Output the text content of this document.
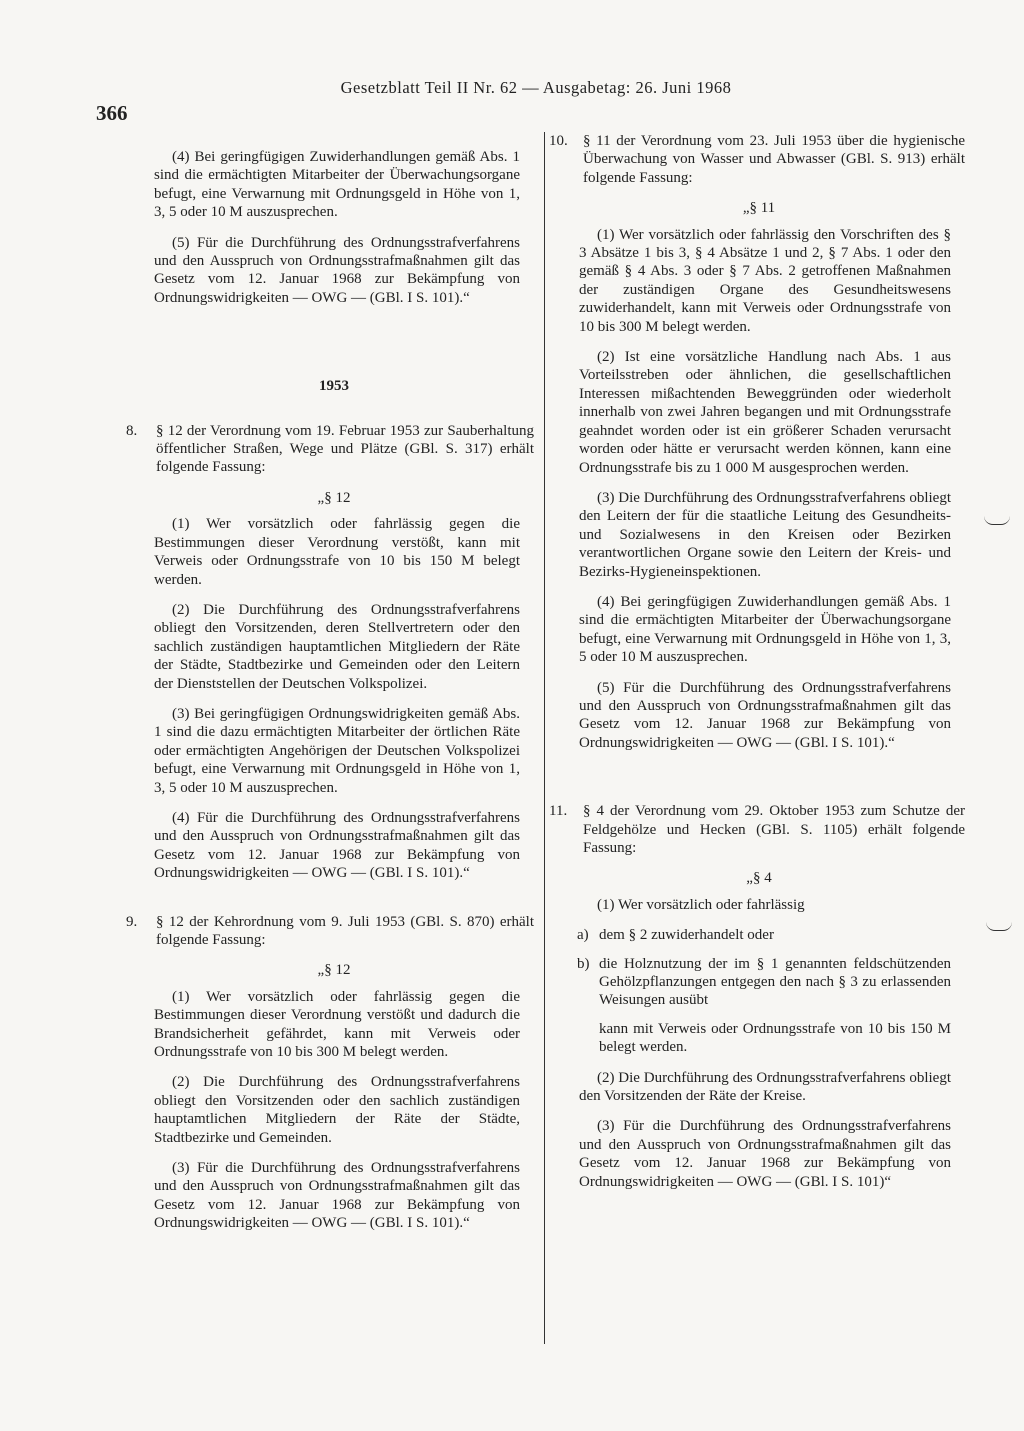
366
Gesetzblatt Teil II Nr. 62 — Ausgabetag: 26. Juni 1968

(4) Bei geringfügigen Zuwiderhandlungen gemäß Abs. 1 sind die ermächtigten Mitarbeiter der Überwachungsorgane befugt, eine Verwarnung mit Ordnungsgeld in Höhe von 1, 3, 5 oder 10 M auszusprechen.

(5) Für die Durchführung des Ordnungsstrafverfahrens und den Ausspruch von Ordnungsstrafmaßnahmen gilt das Gesetz vom 12. Januar 1968 zur Bekämpfung von Ordnungswidrigkeiten — OWG — (GBl. I S. 101).“

1953

8. § 12 der Verordnung vom 19. Februar 1953 zur Sauberhaltung öffentlicher Straßen, Wege und Plätze (GBl. S. 317) erhält folgende Fassung:

„§ 12

(1) Wer vorsätzlich oder fahrlässig gegen die Bestimmungen dieser Verordnung verstößt, kann mit Verweis oder Ordnungsstrafe von 10 bis 150 M belegt werden.

(2) Die Durchführung des Ordnungsstrafverfahrens obliegt den Vorsitzenden, deren Stellvertretern oder den sachlich zuständigen hauptamtlichen Mitgliedern der Räte der Städte, Stadtbezirke und Gemeinden oder den Leitern der Dienststellen der Deutschen Volkspolizei.

(3) Bei geringfügigen Ordnungswidrigkeiten gemäß Abs. 1 sind die dazu ermächtigten Mitarbeiter der örtlichen Räte oder ermächtigten Angehörigen der Deutschen Volkspolizei befugt, eine Verwarnung mit Ordnungsgeld in Höhe von 1, 3, 5 oder 10 M auszusprechen.

(4) Für die Durchführung des Ordnungsstrafverfahrens und den Ausspruch von Ordnungsstrafmaßnahmen gilt das Gesetz vom 12. Januar 1968 zur Bekämpfung von Ordnungswidrigkeiten — OWG — (GBl. I S. 101).“

9. § 12 der Kehrordnung vom 9. Juli 1953 (GBl. S. 870) erhält folgende Fassung:

„§ 12

(1) Wer vorsätzlich oder fahrlässig gegen die Bestimmungen dieser Verordnung verstößt und dadurch die Brandsicherheit gefährdet, kann mit Verweis oder Ordnungsstrafe von 10 bis 300 M belegt werden.

(2) Die Durchführung des Ordnungsstrafverfahrens obliegt den Vorsitzenden oder den sachlich zuständigen hauptamtlichen Mitgliedern der Räte der Städte, Stadtbezirke und Gemeinden.

(3) Für die Durchführung des Ordnungsstrafverfahrens und den Ausspruch von Ordnungsstrafmaßnahmen gilt das Gesetz vom 12. Januar 1968 zur Bekämpfung von Ordnungswidrigkeiten — OWG — (GBl. I S. 101).“

10. § 11 der Verordnung vom 23. Juli 1953 über die hygienische Überwachung von Wasser und Abwasser (GBl. S. 913) erhält folgende Fassung:

„§ 11

(1) Wer vorsätzlich oder fahrlässig den Vorschriften des § 3 Absätze 1 bis 3, § 4 Absätze 1 und 2, § 7 Abs. 1 oder den gemäß § 4 Abs. 3 oder § 7 Abs. 2 getroffenen Maßnahmen der zuständigen Organe des Gesundheitswesens zuwiderhandelt, kann mit Verweis oder Ordnungsstrafe von 10 bis 300 M belegt werden.

(2) Ist eine vorsätzliche Handlung nach Abs. 1 aus Vorteilsstreben oder ähnlichen, die gesellschaftlichen Interessen mißachtenden Beweggründen oder wiederholt innerhalb von zwei Jahren begangen und mit Ordnungsstrafe geahndet worden oder ist ein größerer Schaden verursacht worden oder hätte er verursacht werden können, kann eine Ordnungsstrafe bis zu 1 000 M ausgesprochen werden.

(3) Die Durchführung des Ordnungsstrafverfahrens obliegt den Leitern der für die staatliche Leitung des Gesundheits- und Sozialwesens in den Kreisen oder Bezirken verantwortlichen Organe sowie den Leitern der Kreis- und Bezirks-Hygieneinspektionen.

(4) Bei geringfügigen Zuwiderhandlungen gemäß Abs. 1 sind die ermächtigten Mitarbeiter der Überwachungsorgane befugt, eine Verwarnung mit Ordnungsgeld in Höhe von 1, 3, 5 oder 10 M auszusprechen.

(5) Für die Durchführung des Ordnungsstrafverfahrens und den Ausspruch von Ordnungsstrafmaßnahmen gilt das Gesetz vom 12. Januar 1968 zur Bekämpfung von Ordnungswidrigkeiten — OWG — (GBl. I S. 101).“

11. § 4 der Verordnung vom 29. Oktober 1953 zum Schutze der Feldgehölze und Hecken (GBl. S. 1105) erhält folgende Fassung:

„§ 4

(1) Wer vorsätzlich oder fahrlässig

a) dem § 2 zuwiderhandelt oder

b) die Holznutzung der im § 1 genannten feldschützenden Gehölzpflanzungen entgegen den nach § 3 zu erlassenden Weisungen ausübt

kann mit Verweis oder Ordnungsstrafe von 10 bis 150 M belegt werden.

(2) Die Durchführung des Ordnungsstrafverfahrens obliegt den Vorsitzenden der Räte der Kreise.

(3) Für die Durchführung des Ordnungsstrafverfahrens und den Ausspruch von Ordnungsstrafmaßnahmen gilt das Gesetz vom 12. Januar 1968 zur Bekämpfung von Ordnungswidrigkeiten — OWG — (GBl. I S. 101)“
